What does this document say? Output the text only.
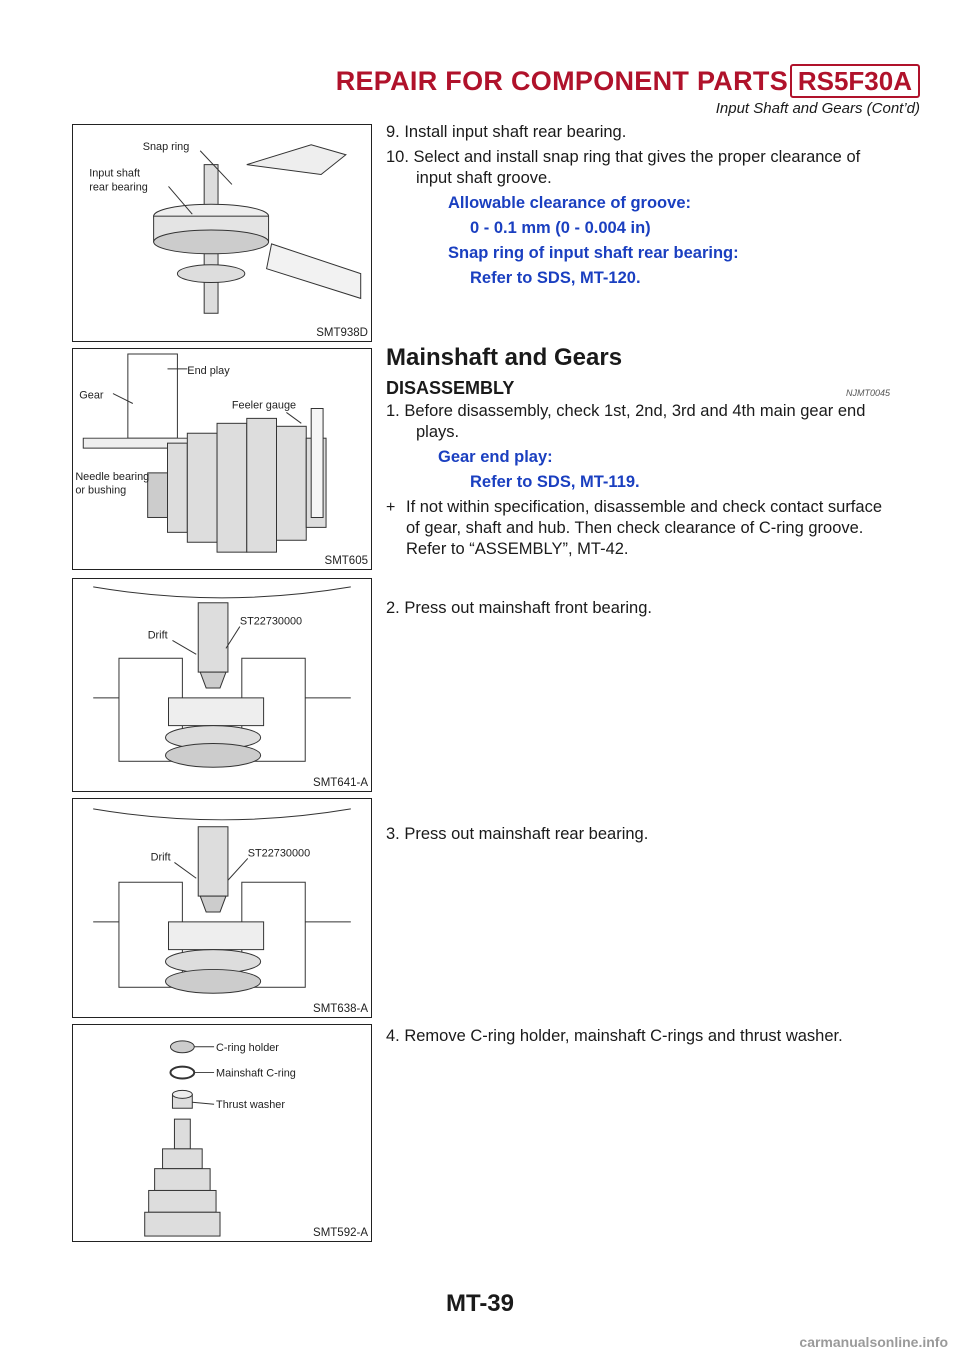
REPAIR FOR COMPONENT PARTS RS5F30A
Input Shaft and Gears (Cont’d)
Snap ring
Input shaft
rear bearing
SMT938D
End play
Gear
Feeler gauge
Needle bearing
or bushing
SMT605
Drift
ST22730000
SMT641-A
Drift	ST22730000
SMT638-A
C-ring holder
Mainshaft C-ring
Thrust washer
SMT592-A

9. Install input shaft rear bearing.

10. Select and install snap ring that gives the proper clearance of input shaft groove.

Allowable clearance of groove:

0 - 0.1 mm (0 - 0.004 in)

Snap ring of input shaft rear bearing:

Refer to SDS, MT-120.

Mainshaft and Gears
DISASSEMBLY	NJMT0045

1. Before disassembly, check 1st, 2nd, 3rd and 4th main gear end plays.

Gear end play:

Refer to SDS, MT-119.

+ If not within specification, disassemble and check contact surface of gear, shaft and hub. Then check clearance of C-ring groove. Refer to “ASSEMBLY”, MT-42.

2. Press out mainshaft front bearing.

3. Press out mainshaft rear bearing.

4. Remove C-ring holder, mainshaft C-rings and thrust washer.

MT-39
carmanualsonline.info
